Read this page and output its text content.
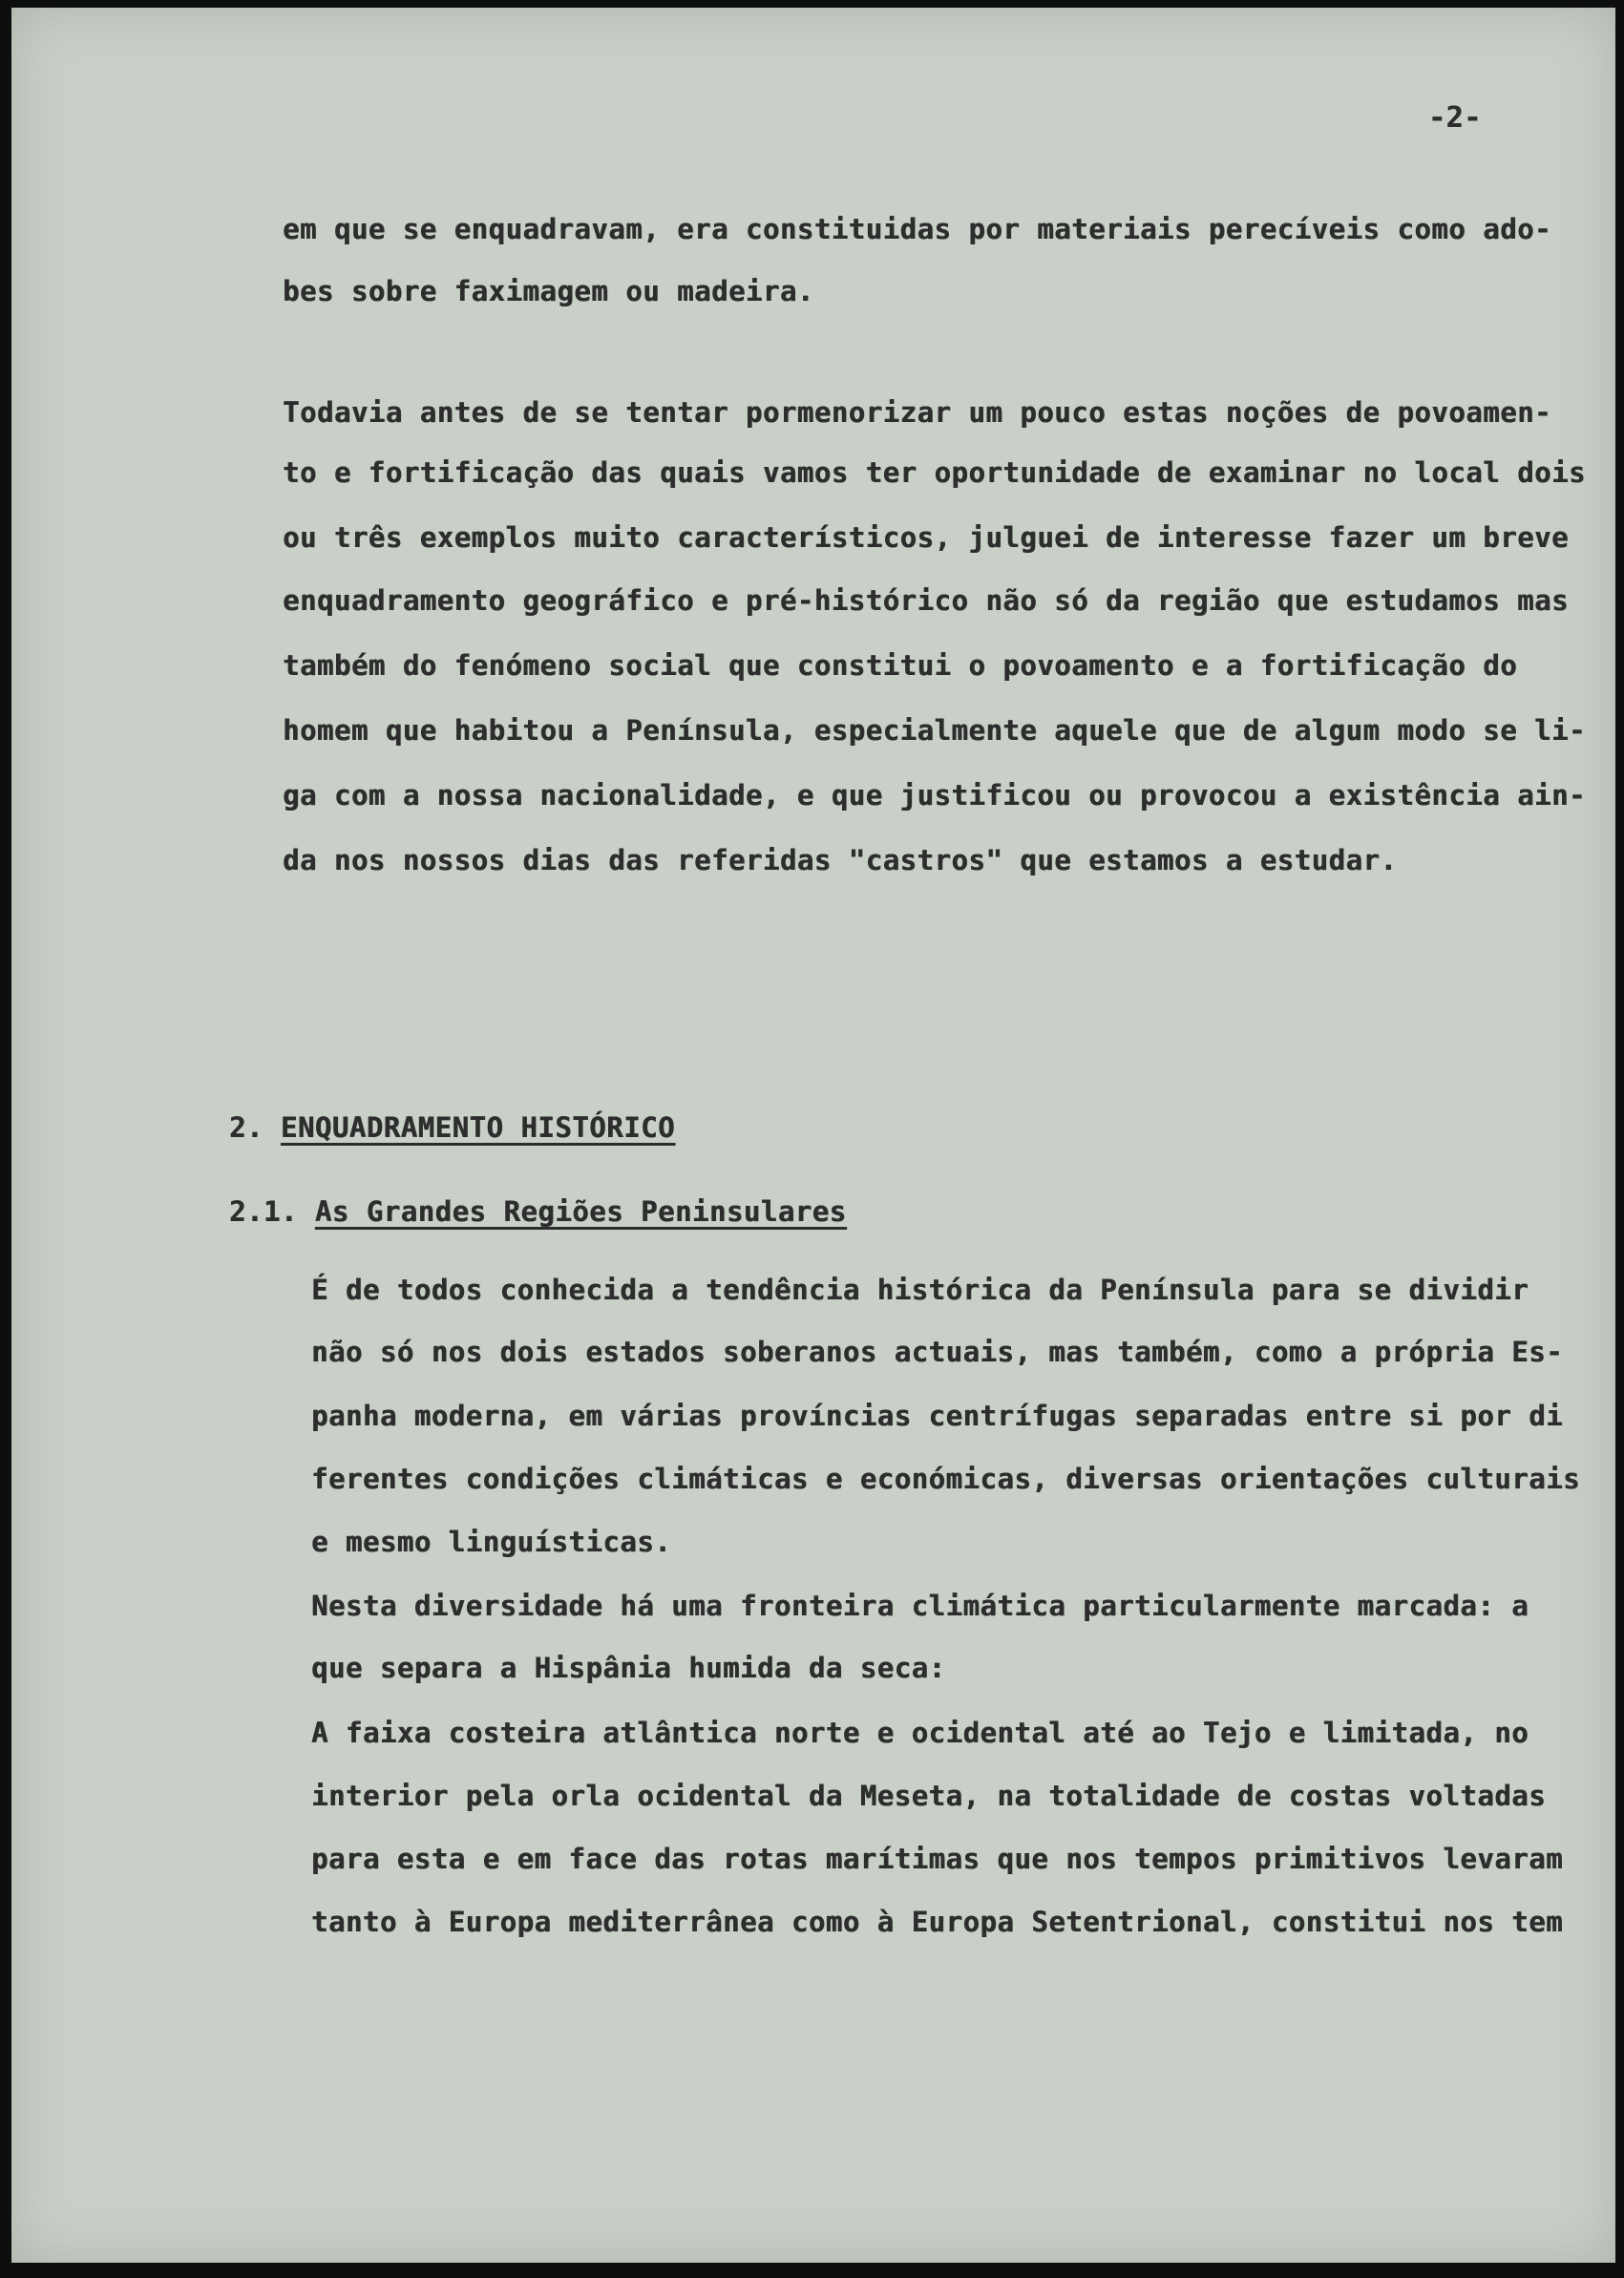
-2-

em que se enquadravam, era constituidas por materiais perecíveis como ado-

bes sobre faximagem ou madeira.

Todavia antes de se tentar pormenorizar um pouco estas noções de povoamen-

to e fortificação das quais vamos ter oportunidade de examinar no local dois

ou três exemplos muito característicos, julguei de interesse fazer um breve

enquadramento geográfico e pré-histórico não só da região que estudamos mas

também do fenómeno social que constitui o povoamento e a fortificação do

homem que habitou a Península, especialmente aquele que de algum modo se li-

ga com a nossa nacionalidade, e que justificou ou provocou a existência ain-

da nos nossos dias das referidas "castros" que estamos a estudar.

2. ENQUADRAMENTO HISTÓRICO

2.1. As Grandes Regiões Peninsulares

É de todos conhecida a tendência histórica da Península para se dividir

não só nos dois estados soberanos actuais, mas também, como a própria Es-

panha moderna, em várias províncias centrífugas separadas entre si por di

ferentes condições climáticas e económicas, diversas orientações culturais

e mesmo linguísticas.

Nesta diversidade há uma fronteira climática particularmente marcada: a

que separa a Hispânia humida da seca:

A faixa costeira atlântica norte e ocidental até ao Tejo e limitada, no

interior pela orla ocidental da Meseta, na totalidade de costas voltadas

para esta e em face das rotas marítimas que nos tempos primitivos levaram

tanto à Europa mediterrânea como à Europa Setentrional, constitui nos tem
